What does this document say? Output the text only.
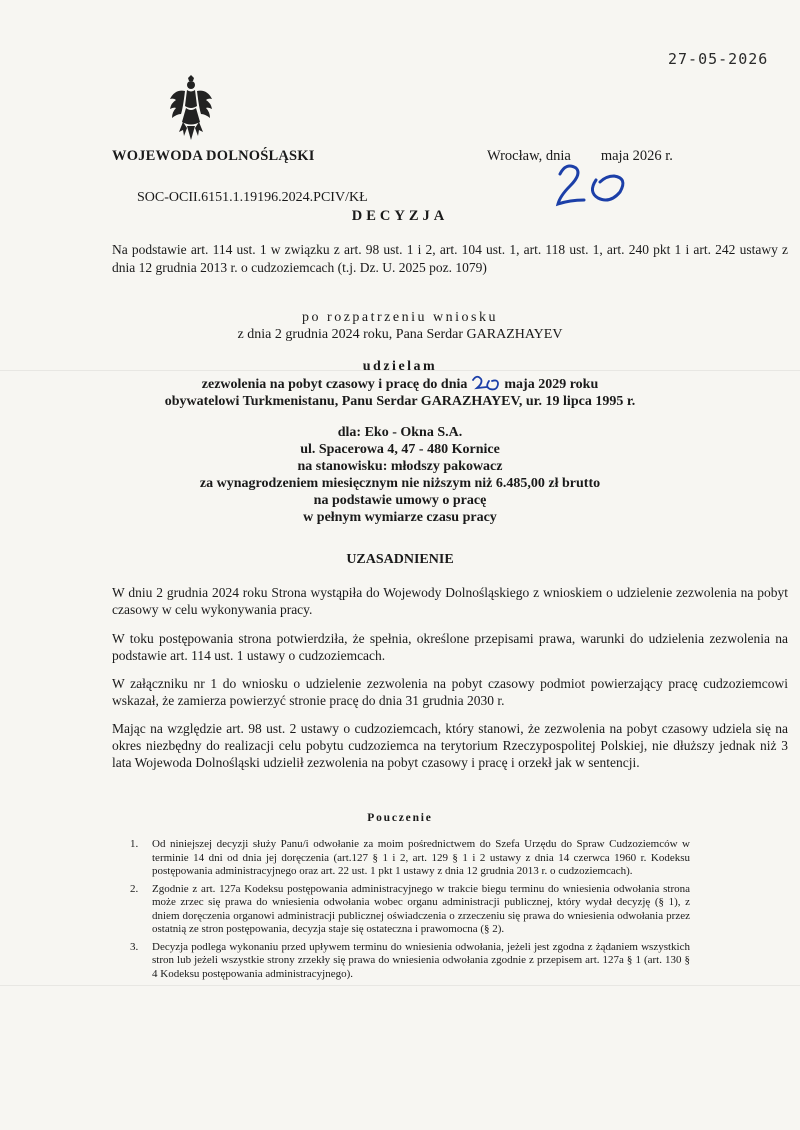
27-05-2026
WOJEWODA DOLNOŚLĄSKI	Wrocław, dnia maja 2026 r.
SOC-OCII.6151.1.19196.2024.PCIV/KŁ
DECYZJA
Na podstawie art. 114 ust. 1 w związku z art. 98 ust. 1 i 2, art. 104 ust. 1, art. 118 ust. 1, art. 240 pkt 1 i art. 242 ustawy z dnia 12 grudnia 2013 r. o cudzoziemcach (t.j. Dz. U. 2025 poz. 1079)
po rozpatrzeniu wniosku
z dnia 2 grudnia 2024 roku, Pana Serdar GARAZHAYEV
udzielam
zezwolenia na pobyt czasowy i pracę do dnia	maja 2029 roku
obywatelowi Turkmenistanu, Panu Serdar GARAZHAYEV, ur. 19 lipca 1995 r.
dla: Eko - Okna S.A.
ul. Spacerowa 4, 47 - 480 Kornice
na stanowisku: młodszy pakowacz
za wynagrodzeniem miesięcznym nie niższym niż 6.485,00 zł brutto
na podstawie umowy o pracę
w pełnym wymiarze czasu pracy
UZASADNIENIE
W dniu 2 grudnia 2024 roku Strona wystąpiła do Wojewody Dolnośląskiego z wnioskiem o udzielenie zezwolenia na pobyt czasowy w celu wykonywania pracy.
W toku postępowania strona potwierdziła, że spełnia, określone przepisami prawa, warunki do udzielenia zezwolenia na podstawie art. 114 ust. 1 ustawy o cudzoziemcach.
W załączniku nr 1 do wniosku o udzielenie zezwolenia na pobyt czasowy podmiot powierzający pracę cudzoziemcowi wskazał, że zamierza powierzyć stronie pracę do dnia 31 grudnia 2030 r.
Mając na względzie art. 98 ust. 2 ustawy o cudzoziemcach, który stanowi, że zezwolenia na pobyt czasowy udziela się na okres niezbędny do realizacji celu pobytu cudzoziemca na terytorium Rzeczypospolitej Polskiej, nie dłuższy jednak niż 3 lata Wojewoda Dolnośląski udzielił zezwolenia na pobyt czasowy i pracę i orzekł jak w sentencji.
Pouczenie
1. Od niniejszej decyzji służy Panu/i odwołanie za moim pośrednictwem do Szefa Urzędu do Spraw Cudzoziemców w terminie 14 dni od dnia jej doręczenia (art.127 § 1 i 2, art. 129 § 1 i 2 ustawy z dnia 14 czerwca 1960 r. Kodeksu postępowania administracyjnego oraz art. 22 ust. 1 pkt 1 ustawy z dnia 12 grudnia 2013 r. o cudzoziemcach).
2. Zgodnie z art. 127a Kodeksu postępowania administracyjnego w trakcie biegu terminu do wniesienia odwołania strona może zrzec się prawa do wniesienia odwołania wobec organu administracji publicznej, który wydał decyzję (§ 1), z dniem doręczenia organowi administracji publicznej oświadczenia o zrzeczeniu się prawa do wniesienia odwołania przez ostatnią ze stron postępowania, decyzja staje się ostateczna i prawomocna (§ 2).
3. Decyzja podlega wykonaniu przed upływem terminu do wniesienia odwołania, jeżeli jest zgodna z żądaniem wszystkich stron lub jeżeli wszystkie strony zrzekły się prawa do wniesienia odwołania zgodnie z przepisem art. 127a § 1 (art. 130 § 4 Kodeksu postępowania administracyjnego).
